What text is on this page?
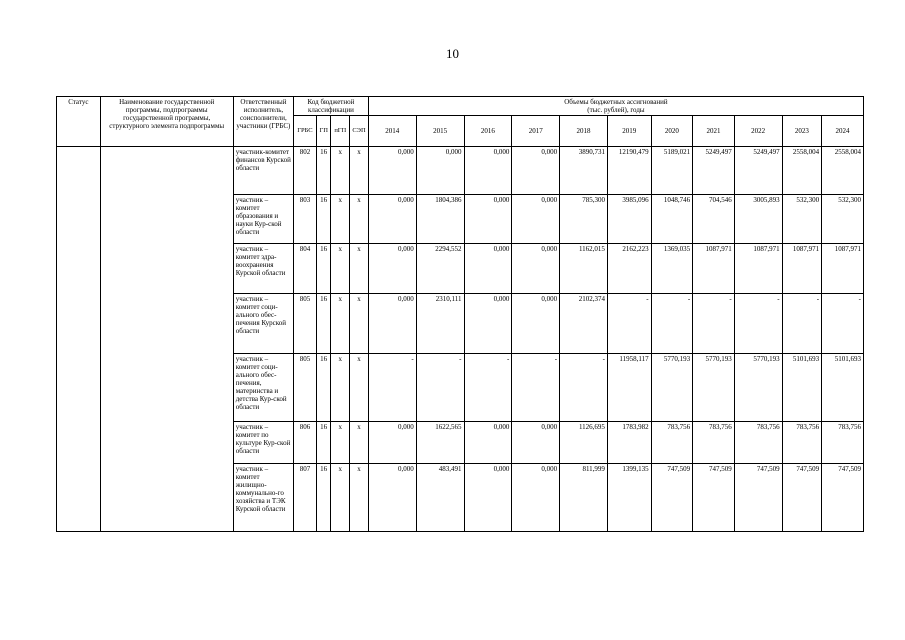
10
Статус	Наименование государственной программы, подпрограммы государственной программы, структурного элемента подпрограммы	Ответственный исполнитель, соисполнители, участники (ГРБС)	Код бюджетной классификации				Объемы бюджетных ассигнований
(тыс. рублей), годы										

			ГРБС	ГП	пГП	СЭП	2014	2015	2016	2017	2018	2019	2020	2021	2022	2023	2024
		участник-комитет финансов Курской области	802	16	х	х	0,000	0,000	0,000	0,000	3890,731	12190,479	5189,021	5249,497	5249,497	2558,004	2558,004
		участник – комитет образования и науки Кур-ской области	803	16	х	х	0,000	1804,386	0,000	0,000	785,300	3985,096	1048,746	704,546	3005,893	532,300	532,300
		участник – комитет здра-воохранения Курской области	804	16	х	х	0,000	2294,552	0,000	0,000	1162,015	2162,223	1369,035	1087,971	1087,971	1087,971	1087,971
		участник – комитет соци-ального обес-печения Курской области	805	16	х	х	0,000	2310,111	0,000	0,000	2102,374	-	-	-	-	-	-
		участник – комитет соци-ального обес-печения, материнства и детства Кур-ской области	805	16	х	х	-	-	-	-	-	11958,117	5770,193	5770,193	5770,193	5101,693	5101,693
		участник – комитет по культуре Кур-ской области	806	16	х	х	0,000	1622,565	0,000	0,000	1126,695	1783,982	783,756	783,756	783,756	783,756	783,756
		участник – комитет жилищно-коммунально-го хозяйства и ТЭК Курской области	807	16	х	х	0,000	483,491	0,000	0,000	811,999	1399,135	747,509	747,509	747,509	747,509	747,509
